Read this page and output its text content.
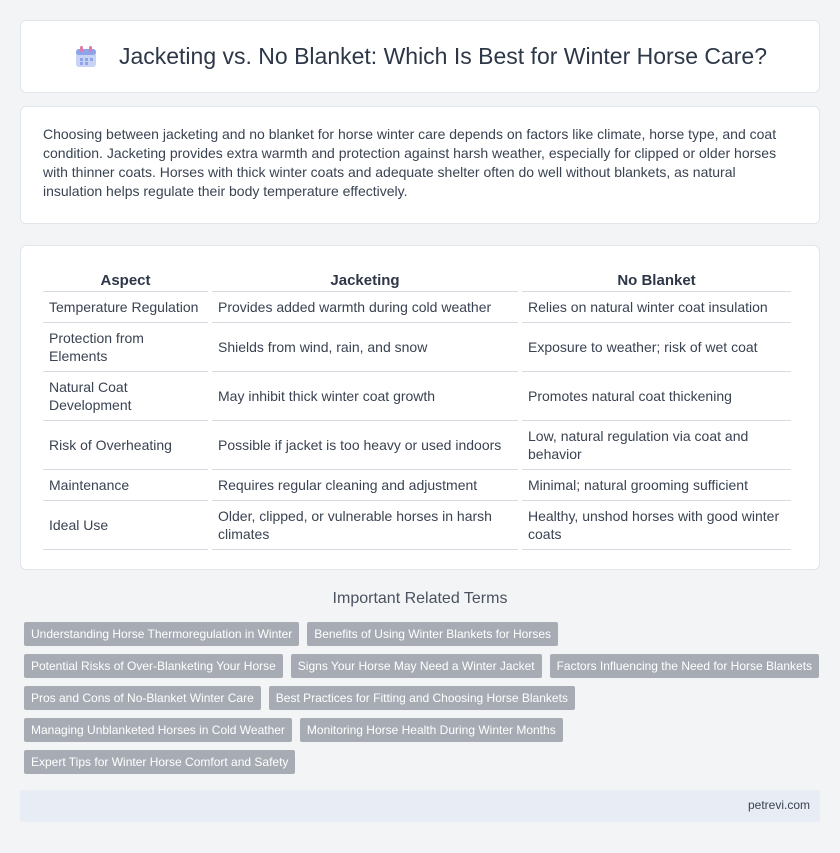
Jacketing vs. No Blanket: Which Is Best for Winter Horse Care?

Choosing between jacketing and no blanket for horse winter care depends on factors like climate, horse type, and coat condition. Jacketing provides extra warmth and protection against harsh weather, especially for clipped or older horses with thinner coats. Horses with thick winter coats and adequate shelter often do well without blankets, as natural insulation helps regulate their body temperature effectively.

Aspect	Jacketing	No Blanket
Temperature Regulation	Provides added warmth during cold weather	Relies on natural winter coat insulation
Protection from Elements	Shields from wind, rain, and snow	Exposure to weather; risk of wet coat
Natural Coat Development	May inhibit thick winter coat growth	Promotes natural coat thickening
Risk of Overheating	Possible if jacket is too heavy or used indoors	Low, natural regulation via coat and behavior
Maintenance	Requires regular cleaning and adjustment	Minimal; natural grooming sufficient
Ideal Use	Older, clipped, or vulnerable horses in harsh climates	Healthy, unshod horses with good winter coats
Important Related Terms
Understanding Horse Thermoregulation in Winter	Benefits of Using Winter Blankets for Horses
Potential Risks of Over-Blanketing Your Horse	Signs Your Horse May Need a Winter Jacket	Factors Influencing the Need for Horse Blankets
Pros and Cons of No-Blanket Winter Care	Best Practices for Fitting and Choosing Horse Blankets
Managing Unblanketed Horses in Cold Weather	Monitoring Horse Health During Winter Months
Expert Tips for Winter Horse Comfort and Safety
petrevi.com
